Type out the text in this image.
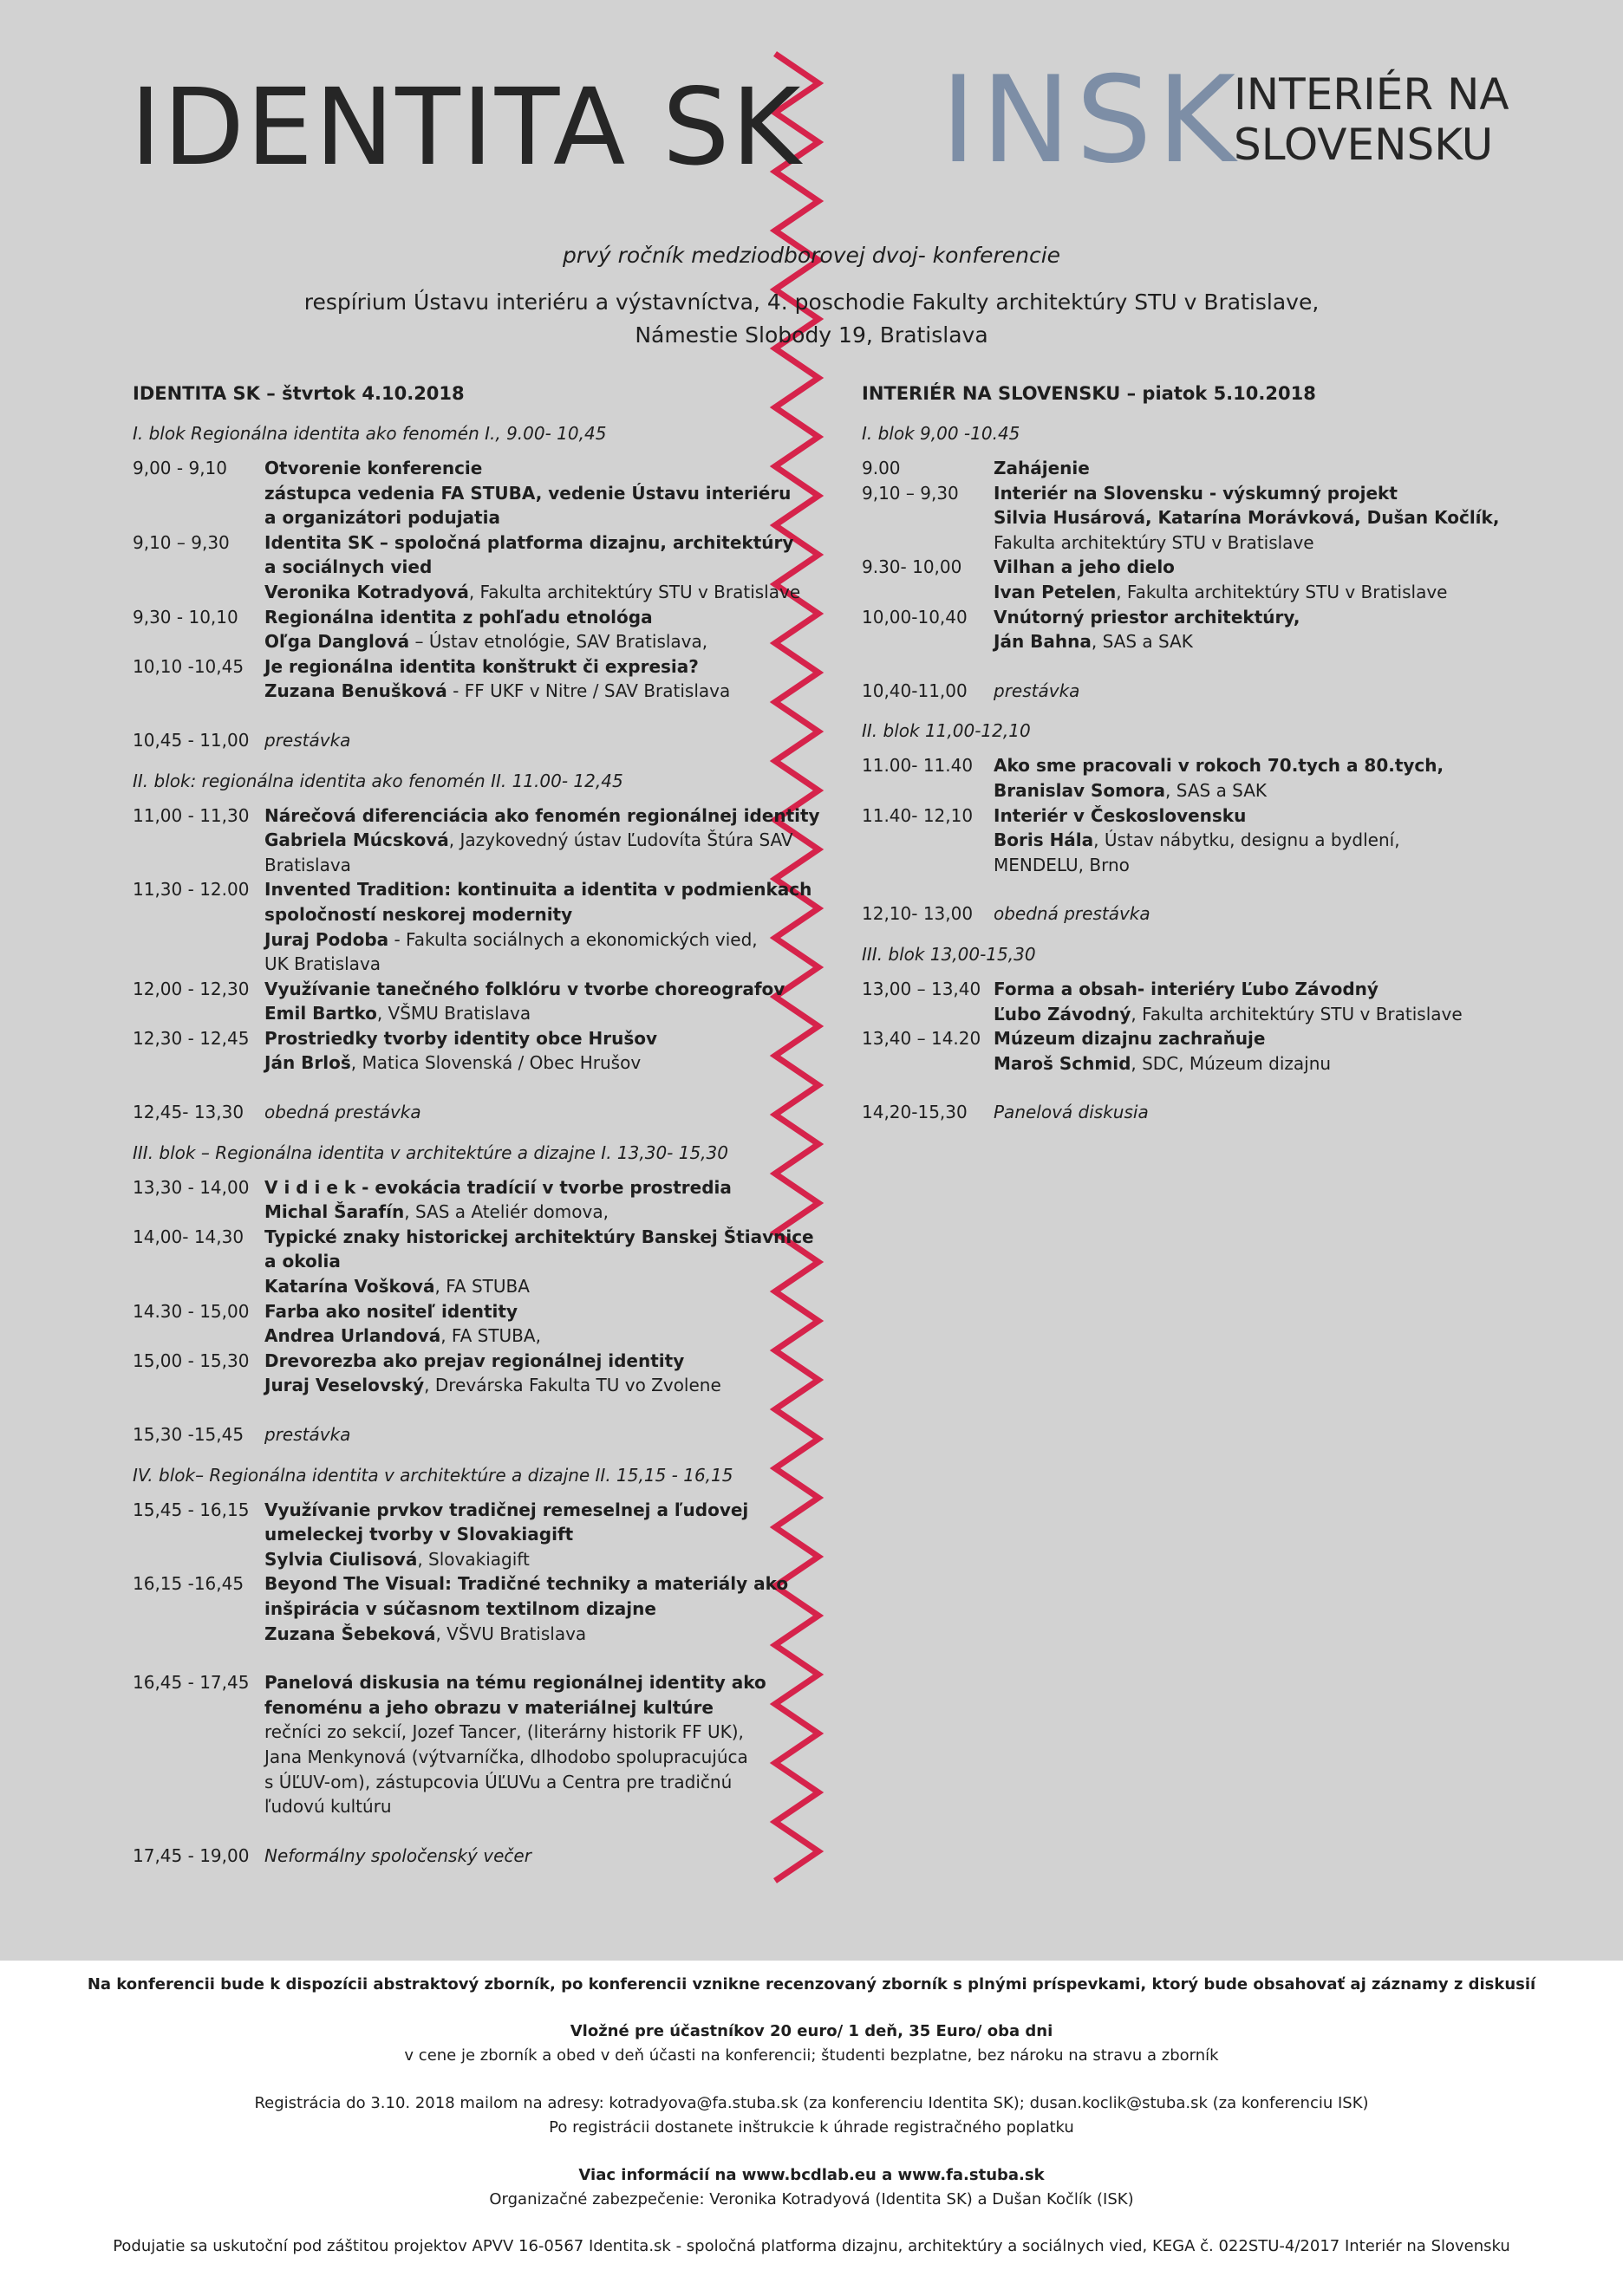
IDENTITA SK INSK
INTERIÉR NA
SLOVENSKU
prvý ročník medziodborovej dvoj- konferencie
respírium Ústavu interiéru a výstavníctva, 4. poschodie Fakulty architektúry STU v Bratislave,
Námestie Slobody 19, Bratislava
IDENTITA SK – štvrtok 4.10.2018
I. blok Regionálna identita ako fenomén I., 9.00- 10,45
9,00 - 9,10	Otvorenie konferencie
zástupca vedenia FA STUBA, vedenie Ústavu interiéru
a organizátori podujatia
9,10 – 9,30	Identita SK – spoločná platforma dizajnu, architektúry
a sociálnych vied
Veronika Kotradyová, Fakulta architektúry STU v Bratislave
9,30 - 10,10	Regionálna identita z pohľadu etnológa
Oľga Danglová – Ústav etnológie, SAV Bratislava,
10,10 -10,45	Je regionálna identita konštrukt či expresia?
Zuzana Benušková - FF UKF v Nitre / SAV Bratislava
10,45 - 11,00 prestávka
II. blok: regionálna identita ako fenomén II. 11.00- 12,45
11,00 - 11,30 Nárečová diferenciácia ako fenomén regionálnej identity
Gabriela Múcsková, Jazykovedný ústav Ľudovíta Štúra SAV
Bratislava
11,30 - 12.00 Invented Tradition: kontinuita a identita v podmienkach
spoločností neskorej modernity
Juraj Podoba - Fakulta sociálnych a ekonomických vied,
UK Bratislava
12,00 - 12,30 Využívanie tanečného folklóru v tvorbe choreografov
Emil Bartko, VŠMU Bratislava
12,30 - 12,45 Prostriedky tvorby identity obce Hrušov
Ján Brloš, Matica Slovenská / Obec Hrušov
12,45- 13,30	obedná prestávka
III. blok – Regionálna identita v architektúre a dizajne I. 13,30- 15,30
13,30 - 14,00 V i d i e k - evokácia tradícií v tvorbe prostredia
Michal Šarafín, SAS a Ateliér domova,
14,00- 14,30	Typické znaky historickej architektúry Banskej Štiavnice
a okolia
Katarína Vošková, FA STUBA
14.30 - 15,00 Farba ako nositeľ identity
Andrea Urlandová, FA STUBA,
15,00 - 15,30 Drevorezba ako prejav regionálnej identity
Juraj Veselovský, Drevárska Fakulta TU vo Zvolene
15,30 -15,45	prestávka
IV. blok– Regionálna identita v architektúre a dizajne II. 15,15 - 16,15
15,45 - 16,15 Využívanie prvkov tradičnej remeselnej a ľudovej
umeleckej tvorby v Slovakiagift
Sylvia Ciulisová, Slovakiagift
16,15 -16,45	Beyond The Visual: Tradičné techniky a materiály ako
inšpirácia v súčasnom textilnom dizajne
Zuzana Šebeková, VŠVU Bratislava
16,45 - 17,45 Panelová diskusia na tému regionálnej identity ako
fenoménu a jeho obrazu v materiálnej kultúre
rečníci zo sekcií, Jozef Tancer, (literárny historik FF UK),
Jana Menkynová (výtvarníčka, dlhodobo spolupracujúca
s ÚĽUV-om), zástupcovia ÚĽUVu a Centra pre tradičnú
ľudovú kultúru
17,45 - 19,00 Neformálny spoločenský večer
INTERIÉR NA SLOVENSKU – piatok 5.10.2018
I. blok 9,00 -10.45
9.00	Zahájenie
9,10 – 9,30	Interiér na Slovensku - výskumný projekt
Silvia Husárová, Katarína Morávková, Dušan Kočlík,
Fakulta architektúry STU v Bratislave
9.30- 10,00	Vilhan a jeho dielo
Ivan Petelen, Fakulta architektúry STU v Bratislave
10,00-10,40	Vnútorný priestor architektúry,
Ján Bahna, SAS a SAK
10,40-11,00	prestávka
II. blok 11,00-12,10
11.00- 11.40	Ako sme pracovali v rokoch 70.tych a 80.tych,
Branislav Somora, SAS a SAK
11.40- 12,10	Interiér v Československu
Boris Hála, Ústav nábytku, designu a bydlení,
MENDELU, Brno
12,10- 13,00	obedná prestávka
III. blok 13,00-15,30
13,00 – 13,40 Forma a obsah- interiéry Ľubo Závodný
Ľubo Závodný, Fakulta architektúry STU v Bratislave
13,40 – 14.20 Múzeum dizajnu zachraňuje
Maroš Schmid, SDC, Múzeum dizajnu
14,20-15,30	Panelová diskusia
Na konferencii bude k dispozícii abstraktový zborník, po konferencii vznikne recenzovaný zborník s plnými príspevkami, ktorý bude obsahovať aj záznamy z diskusií
Vložné pre účastníkov 20 euro/ 1 deň, 35 Euro/ oba dni
v cene je zborník a obed v deň účasti na konferencii; študenti bezplatne, bez nároku na stravu a zborník
Registrácia do 3.10. 2018 mailom na adresy: kotradyova@fa.stuba.sk (za konferenciu Identita SK); dusan.koclik@stuba.sk (za konferenciu ISK)
Po registrácii dostanete inštrukcie k úhrade registračného poplatku
Viac informácií na www.bcdlab.eu a www.fa.stuba.sk
Organizačné zabezpečenie: Veronika Kotradyová (Identita SK) a Dušan Kočlík (ISK)
Podujatie sa uskutoční pod záštitou projektov APVV 16-0567 Identita.sk - spoločná platforma dizajnu, architektúry a sociálnych vied, KEGA č. 022STU-4/2017 Interiér na Slovensku
